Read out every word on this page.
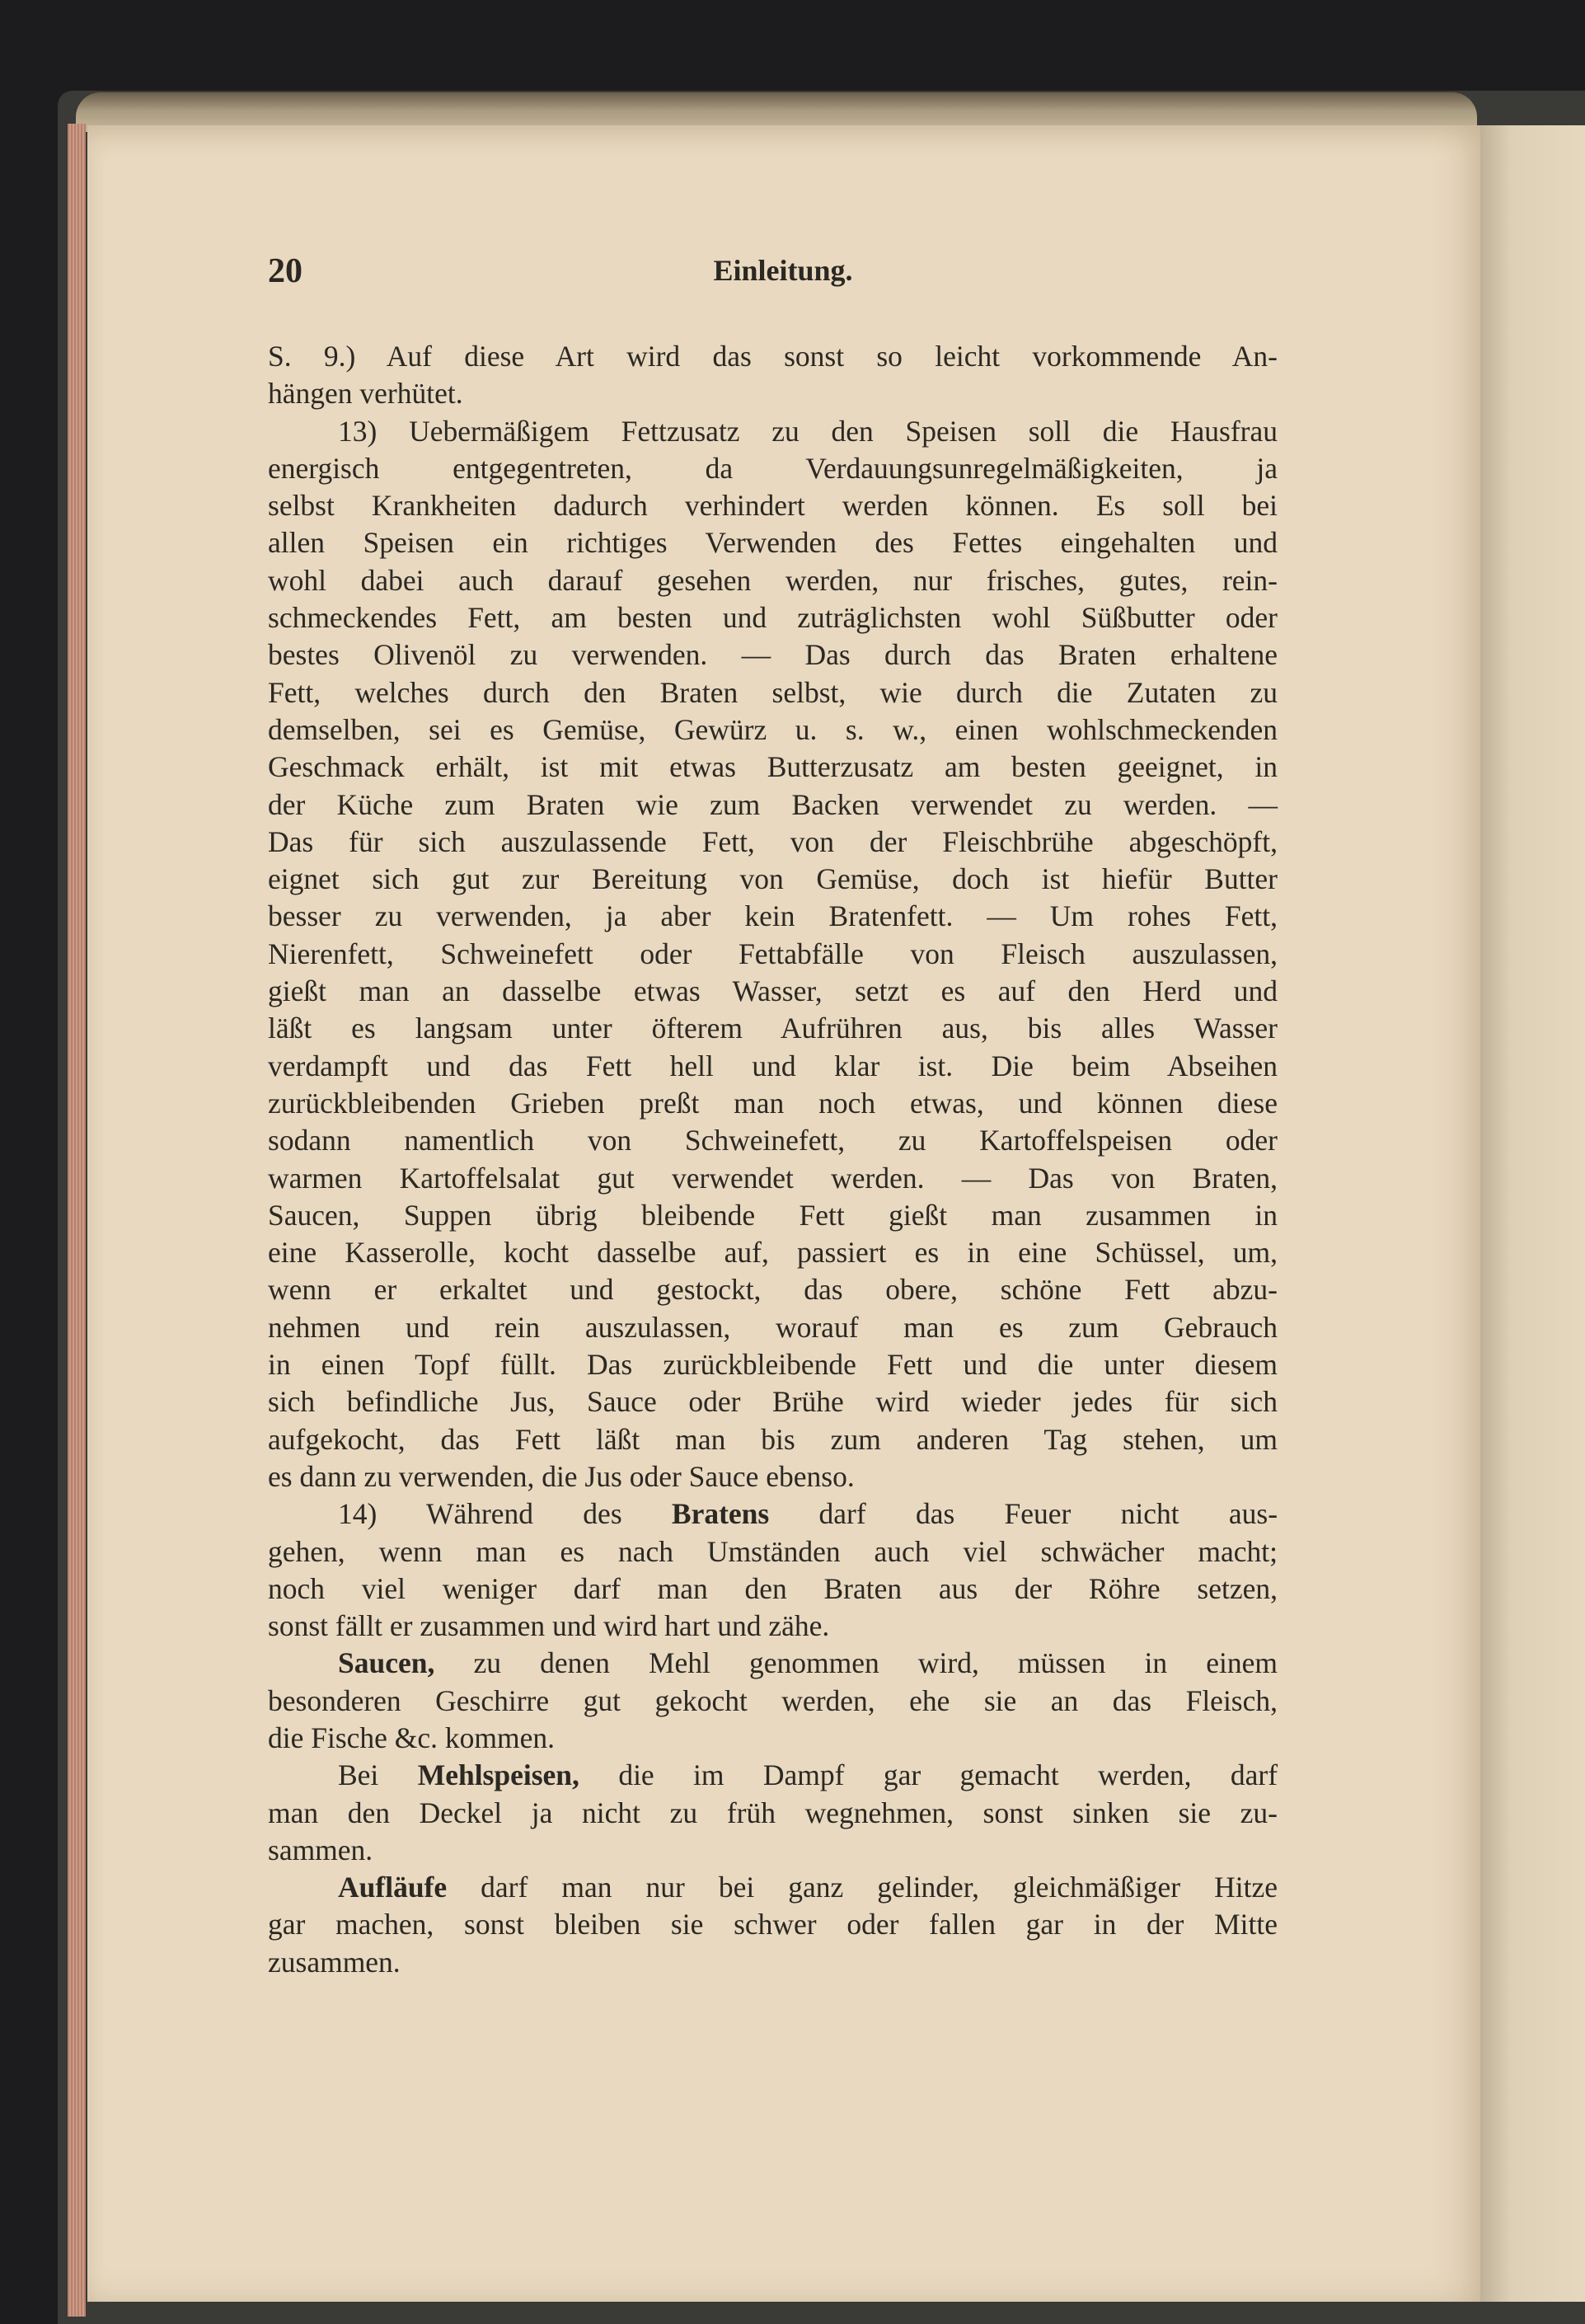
20	Einleitung.
S. 9.) Auf diese Art wird das sonst so leicht vorkommende An-
hängen verhütet.
13) Uebermäßigem Fettzusatz zu den Speisen soll die Hausfrau
energisch entgegentreten, da Verdauungsunregelmäßigkeiten, ja
selbst Krankheiten dadurch verhindert werden können. Es soll bei
allen Speisen ein richtiges Verwenden des Fettes eingehalten und
wohl dabei auch darauf gesehen werden, nur frisches, gutes, rein-
schmeckendes Fett, am besten und zuträglichsten wohl Süßbutter oder
bestes Olivenöl zu verwenden. — Das durch das Braten erhaltene
Fett, welches durch den Braten selbst, wie durch die Zutaten zu
demselben, sei es Gemüse, Gewürz u. s. w., einen wohlschmeckenden
Geschmack erhält, ist mit etwas Butterzusatz am besten geeignet, in
der Küche zum Braten wie zum Backen verwendet zu werden. —
Das für sich auszulassende Fett, von der Fleischbrühe abgeschöpft,
eignet sich gut zur Bereitung von Gemüse, doch ist hiefür Butter
besser zu verwenden, ja aber kein Bratenfett. — Um rohes Fett,
Nierenfett, Schweinefett oder Fettabfälle von Fleisch auszulassen,
gießt man an dasselbe etwas Wasser, setzt es auf den Herd und
läßt es langsam unter öfterem Aufrühren aus, bis alles Wasser
verdampft und das Fett hell und klar ist. Die beim Abseihen
zurückbleibenden Grieben preßt man noch etwas, und können diese
sodann namentlich von Schweinefett, zu Kartoffelspeisen oder
warmen Kartoffelsalat gut verwendet werden. — Das von Braten,
Saucen, Suppen übrig bleibende Fett gießt man zusammen in
eine Kasserolle, kocht dasselbe auf, passiert es in eine Schüssel, um,
wenn er erkaltet und gestockt, das obere, schöne Fett abzu-
nehmen und rein auszulassen, worauf man es zum Gebrauch
in einen Topf füllt. Das zurückbleibende Fett und die unter diesem
sich befindliche Jus, Sauce oder Brühe wird wieder jedes für sich
aufgekocht, das Fett läßt man bis zum anderen Tag stehen, um
es dann zu verwenden, die Jus oder Sauce ebenso.
14) Während des Bratens darf das Feuer nicht aus-
gehen, wenn man es nach Umständen auch viel schwächer macht;
noch viel weniger darf man den Braten aus der Röhre setzen,
sonst fällt er zusammen und wird hart und zähe.
Saucen, zu denen Mehl genommen wird, müssen in einem
besonderen Geschirre gut gekocht werden, ehe sie an das Fleisch,
die Fische &c. kommen.
Bei Mehlspeisen, die im Dampf gar gemacht werden, darf
man den Deckel ja nicht zu früh wegnehmen, sonst sinken sie zu-
sammen.
Aufläufe darf man nur bei ganz gelinder, gleichmäßiger Hitze
gar machen, sonst bleiben sie schwer oder fallen gar in der Mitte
zusammen.
